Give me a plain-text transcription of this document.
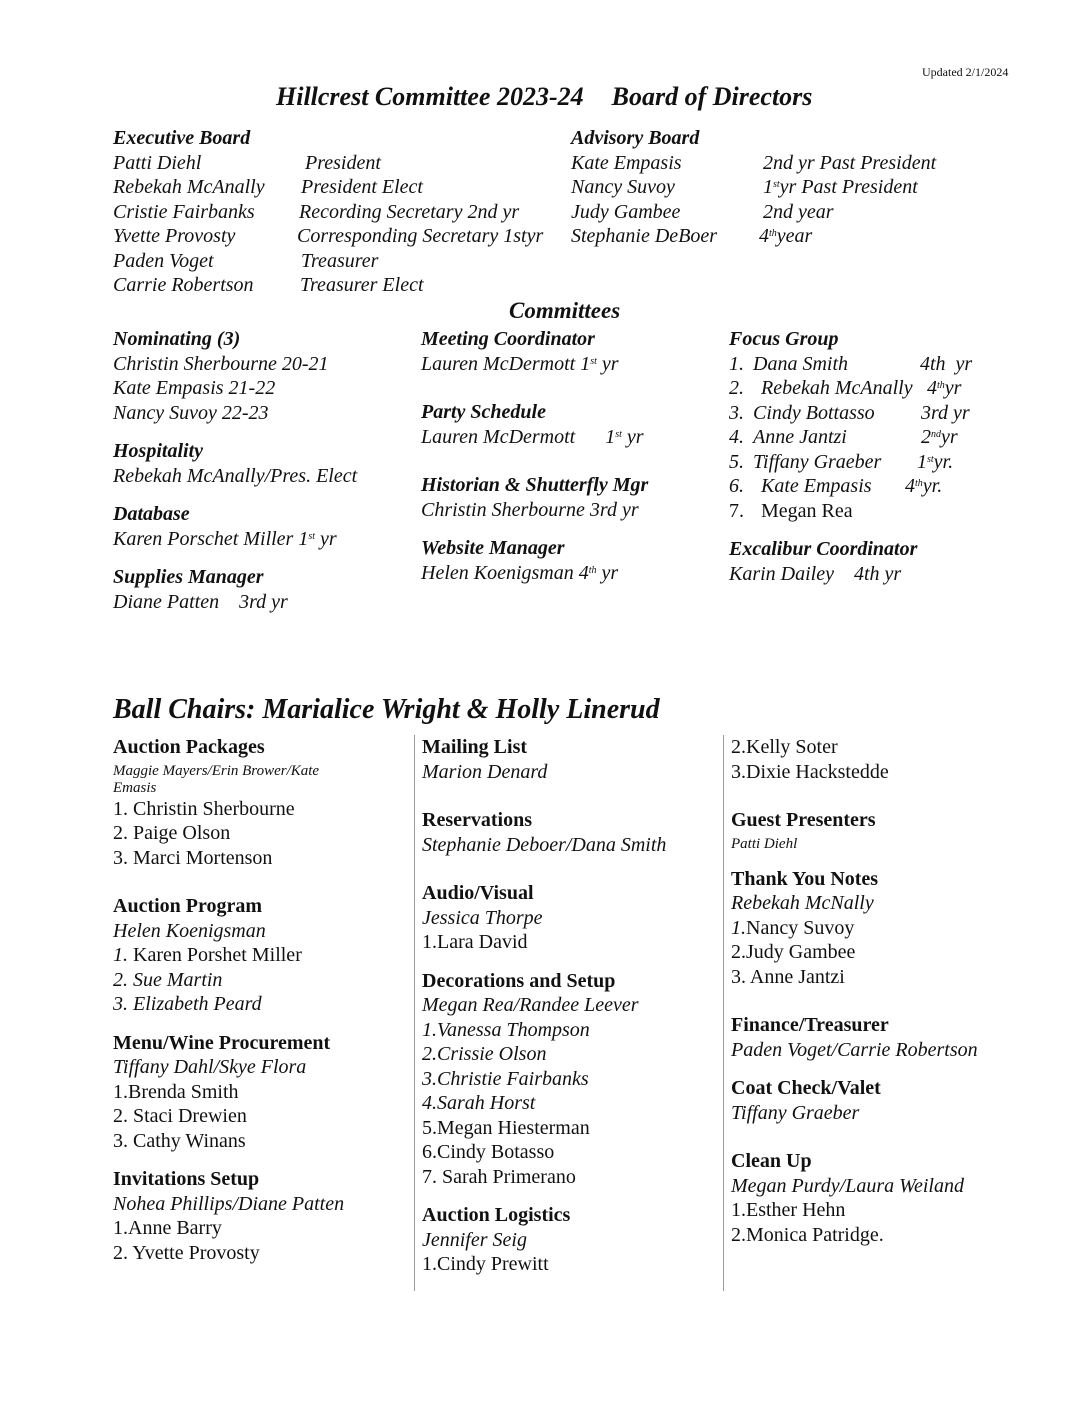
Updated 2/1/2024
Hillcrest Committee 2023-24 Board of Directors
Executive Board
Patti Diehl	President
Rebekah McAnally	President Elect
Cristie Fairbanks	Recording Secretary 2nd yr
Yvette Provosty	Corresponding Secretary 1styr
Paden Voget	Treasurer
Carrie Robertson	Treasurer Elect
Advisory Board
Kate Empasis	2nd yr Past President
Nancy Suvoy	1styr Past President
Judy Gambee	2nd year
Stephanie DeBoer	4thyear
Committees
Nominating (3)
Christin Sherbourne 20-21
Kate Empasis 21-22
Nancy Suvoy 22-23
Hospitality
Rebekah McAnally/Pres. Elect
Database
Karen Porschet Miller 1st yr
Supplies Manager
Diane Patten    3rd yr
Meeting Coordinator
Lauren McDermott 1st yr
Party Schedule
Lauren McDermott      1st yr
Historian & Shutterfly Mgr
Christin Sherbourne 3rd yr
Website Manager
Helen Koenigsman 4th yr
Focus Group
1. Dana Smith	4th  yr
2. Rebekah McAnally 4thyr
3. Cindy Bottasso	3rd yr
4. Anne Jantzi	2ndyr
5. Tiffany Graeber	1styr.
6. Kate Empasis	4thyr.
7. Megan Rea
Excalibur Coordinator
Karin Dailey    4th yr
Ball Chairs: Marialice Wright & Holly Linerud
Auction Packages
Maggie Mayers/Erin Brower/Kate
Emasis
1. Christin Sherbourne
2. Paige Olson
3. Marci Mortenson
Auction Program
Helen Koenigsman
1. Karen Porshet Miller
2. Sue Martin
3. Elizabeth Peard
Menu/Wine Procurement
Tiffany Dahl/Skye Flora
1.Brenda Smith
2. Staci Drewien
3. Cathy Winans
Invitations Setup
Nohea Phillips/Diane Patten
1.Anne Barry
2. Yvette Provosty
Mailing List
Marion Denard
Reservations
Stephanie Deboer/Dana Smith
Audio/Visual
Jessica Thorpe
1.Lara David
Decorations and Setup
Megan Rea/Randee Leever
1.Vanessa Thompson
2.Crissie Olson
3.Christie Fairbanks
4.Sarah Horst
5.Megan Hiesterman
6.Cindy Botasso
7. Sarah Primerano
Auction Logistics
Jennifer Seig
1.Cindy Prewitt
2.Kelly Soter
3.Dixie Hackstedde
Guest Presenters
Patti Diehl
Thank You Notes
Rebekah McNally
1.Nancy Suvoy
2.Judy Gambee
3. Anne Jantzi
Finance/Treasurer
Paden Voget/Carrie Robertson
Coat Check/Valet
Tiffany Graeber
Clean Up
Megan Purdy/Laura Weiland
1.Esther Hehn
2.Monica Patridge.
